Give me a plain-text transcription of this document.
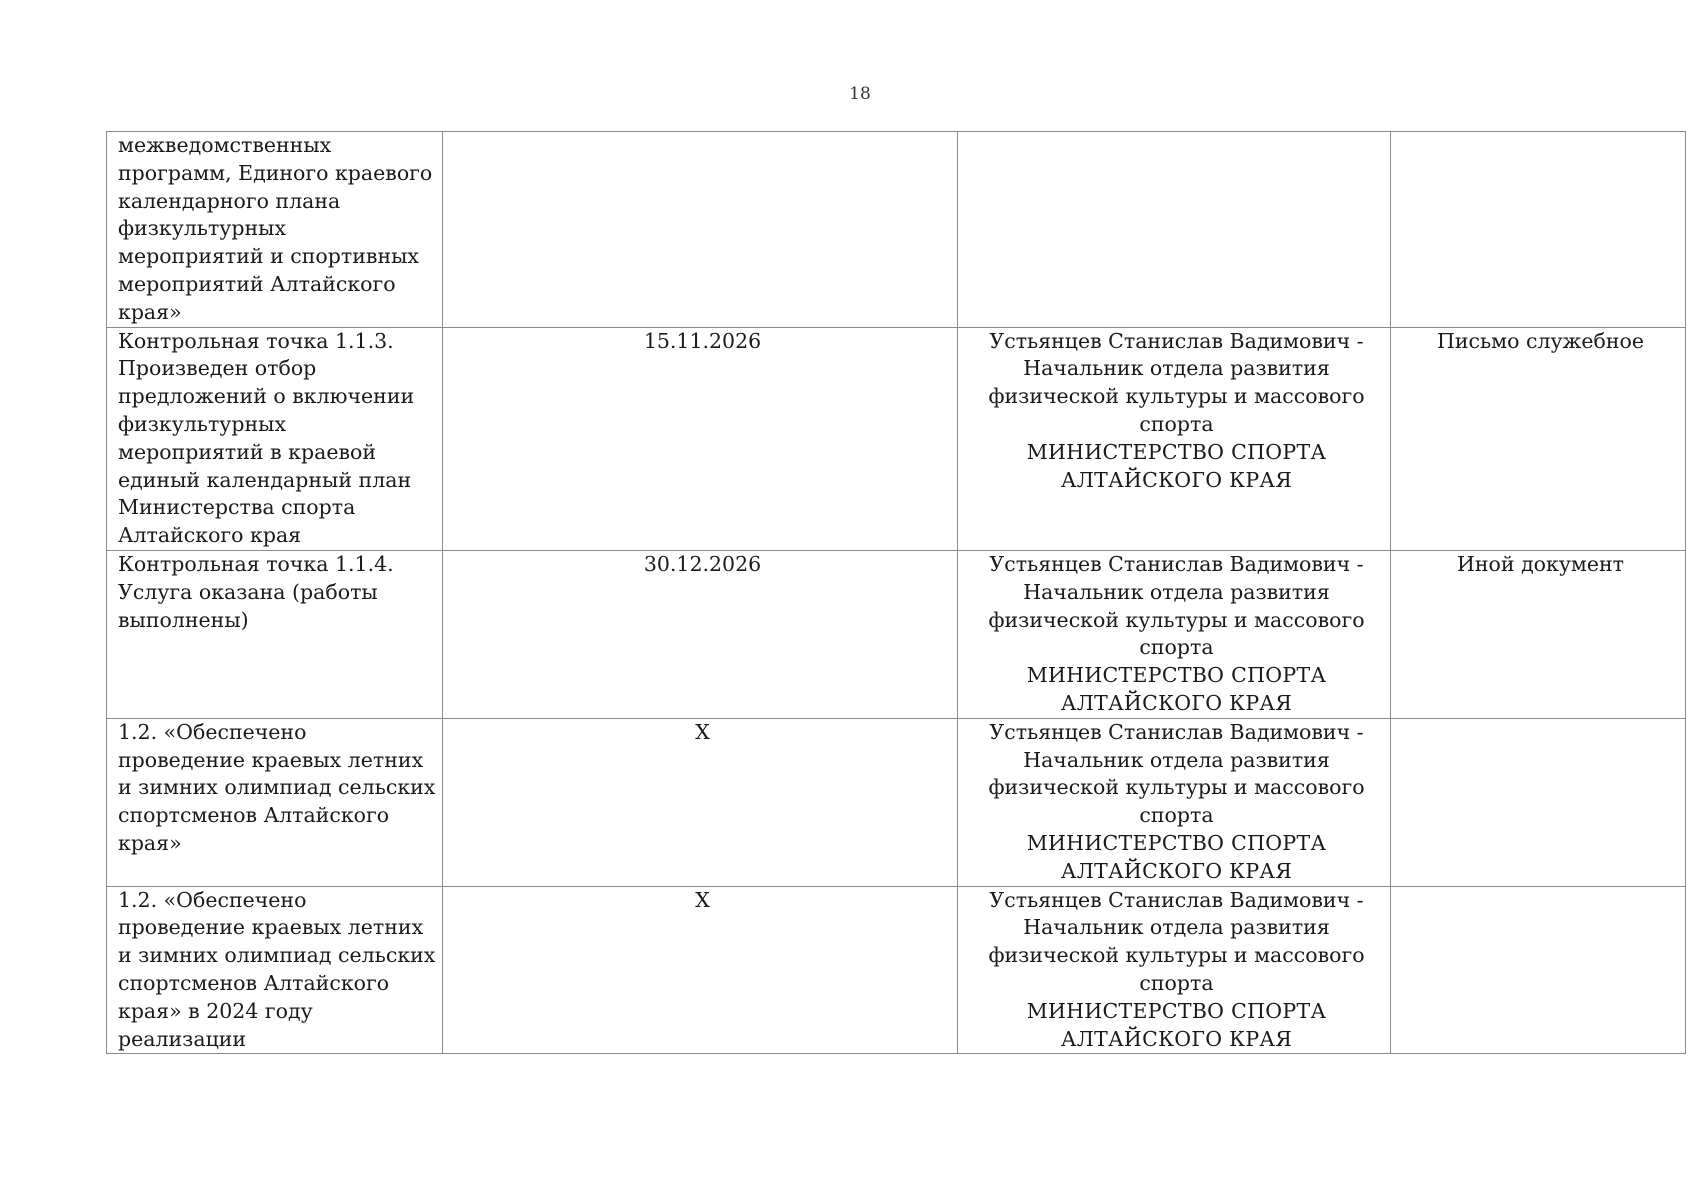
18
межведомственных программ, Единого краевого календарного плана физкультурных мероприятий и спортивных мероприятий Алтайского края»		

Контрольная точка 1.1.3. Произведен отбор предложений о включении физкультурных мероприятий в краевой единый календарный план Министерства спорта Алтайского края	15.11.2026	Устьянцев Станислав Вадимович - Начальник отдела развития физической культуры и массового спорта
МИНИСТЕРСТВО СПОРТА АЛТАЙСКОГО КРАЯ	Письмо служебное
Контрольная точка 1.1.4. Услуга оказана (работы выполнены)	30.12.2026	Устьянцев Станислав Вадимович - Начальник отдела развития физической культуры и массового спорта
МИНИСТЕРСТВО СПОРТА АЛТАЙСКОГО КРАЯ	Иной документ
1.2. «Обеспечено проведение краевых летних и зимних олимпиад сельских спортсменов Алтайского края»	Х	Устьянцев Станислав Вадимович - Начальник отдела развития физической культуры и массового спорта
МИНИСТЕРСТВО СПОРТА АЛТАЙСКОГО КРАЯ	

1.2. «Обеспечено проведение краевых летних и зимних олимпиад сельских спортсменов Алтайского края» в 2024 году реализации	Х	Устьянцев Станислав Вадимович - Начальник отдела развития физической культуры и массового спорта
МИНИСТЕРСТВО СПОРТА АЛТАЙСКОГО КРАЯ	
